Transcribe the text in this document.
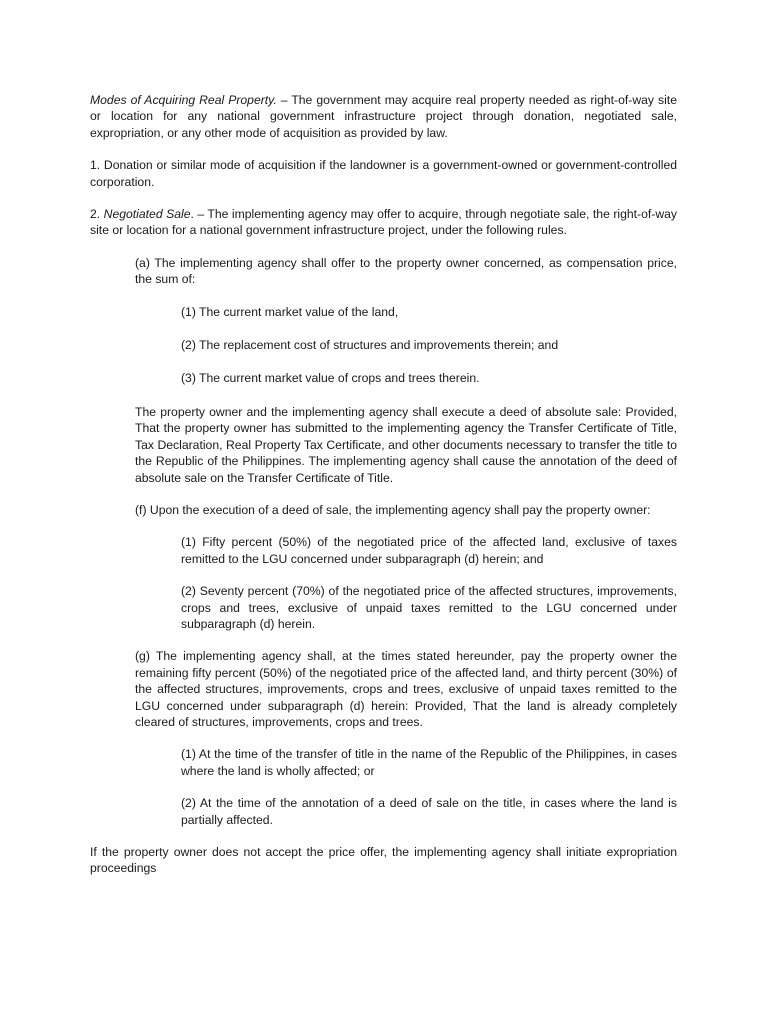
Modes of Acquiring Real Property. – The government may acquire real property needed as right-of-way site or location for any national government infrastructure project through donation, negotiated sale, expropriation, or any other mode of acquisition as provided by law.

1. Donation or similar mode of acquisition if the landowner is a government-owned or government-controlled corporation.

2. Negotiated Sale. – The implementing agency may offer to acquire, through negotiate sale, the right-of-way site or location for a national government infrastructure project, under the following rules.

(a) The implementing agency shall offer to the property owner concerned, as compensation price, the sum of:

(1) The current market value of the land,

(2) The replacement cost of structures and improvements therein; and

(3) The current market value of crops and trees therein.

The property owner and the implementing agency shall execute a deed of absolute sale: Provided, That the property owner has submitted to the implementing agency the Transfer Certificate of Title, Tax Declaration, Real Property Tax Certificate, and other documents necessary to transfer the title to the Republic of the Philippines. The implementing agency shall cause the annotation of the deed of absolute sale on the Transfer Certificate of Title.

(f) Upon the execution of a deed of sale, the implementing agency shall pay the property owner:

(1) Fifty percent (50%) of the negotiated price of the affected land, exclusive of taxes remitted to the LGU concerned under subparagraph (d) herein; and

(2) Seventy percent (70%) of the negotiated price of the affected structures, improvements, crops and trees, exclusive of unpaid taxes remitted to the LGU concerned under subparagraph (d) herein.

(g) The implementing agency shall, at the times stated hereunder, pay the property owner the remaining fifty percent (50%) of the negotiated price of the affected land, and thirty percent (30%) of the affected structures, improvements, crops and trees, exclusive of unpaid taxes remitted to the LGU concerned under subparagraph (d) herein: Provided, That the land is already completely cleared of structures, improvements, crops and trees.

(1) At the time of the transfer of title in the name of the Republic of the Philippines, in cases where the land is wholly affected; or

(2) At the time of the annotation of a deed of sale on the title, in cases where the land is partially affected.

If the property owner does not accept the price offer, the implementing agency shall initiate expropriation proceedings
